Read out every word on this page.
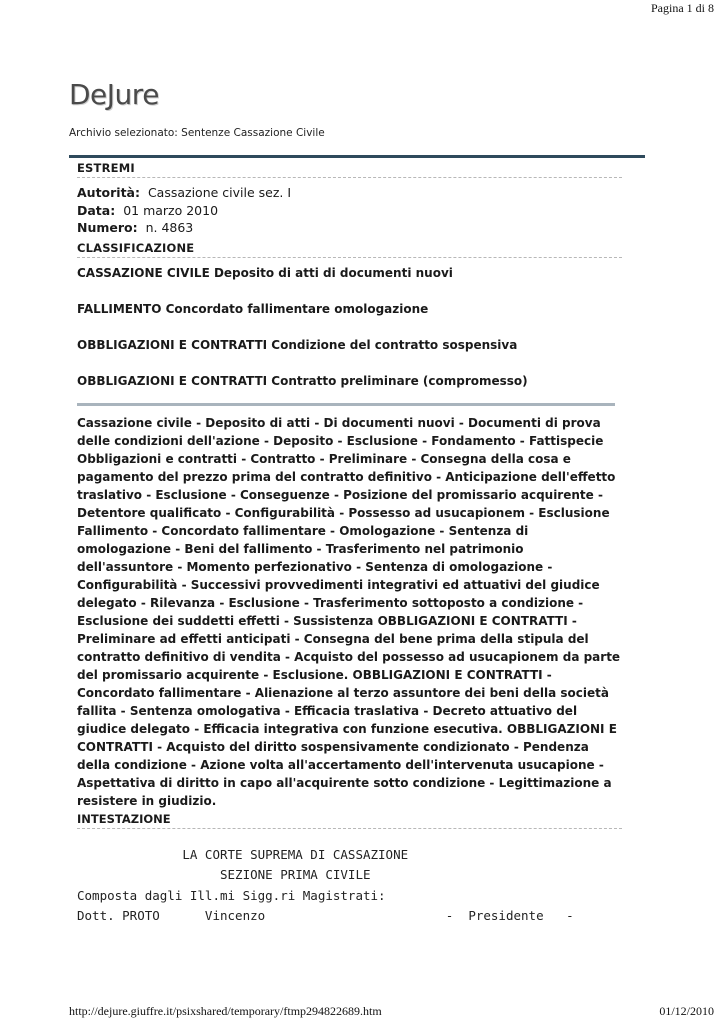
Pagina 1 di 8
DeJure
Archivio selezionato: Sentenze Cassazione Civile
ESTREMI
Autorità: Cassazione civile sez. I
Data: 01 marzo 2010
Numero: n. 4863
CLASSIFICAZIONE

CASSAZIONE CIVILE Deposito di atti di documenti nuovi

FALLIMENTO Concordato fallimentare omologazione

OBBLIGAZIONI E CONTRATTI Condizione del contratto sospensiva

OBBLIGAZIONI E CONTRATTI Contratto preliminare (compromesso)

Cassazione civile - Deposito di atti - Di documenti nuovi - Documenti di prova delle condizioni dell'azione - Deposito - Esclusione - Fondamento - Fattispecie Obbligazioni e contratti - Contratto - Preliminare - Consegna della cosa e pagamento del prezzo prima del contratto definitivo - Anticipazione dell'effetto traslativo - Esclusione - Conseguenze - Posizione del promissario acquirente - Detentore qualificato - Configurabilità - Possesso ad usucapionem - Esclusione Fallimento - Concordato fallimentare - Omologazione - Sentenza di omologazione - Beni del fallimento - Trasferimento nel patrimonio dell'assuntore - Momento perfezionativo - Sentenza di omologazione - Configurabilità - Successivi provvedimenti integrativi ed attuativi del giudice delegato - Rilevanza - Esclusione - Trasferimento sottoposto a condizione - Esclusione dei suddetti effetti - Sussistenza OBBLIGAZIONI E CONTRATTI - Preliminare ad effetti anticipati - Consegna del bene prima della stipula del contratto definitivo di vendita - Acquisto del possesso ad usucapionem da parte del promissario acquirente - Esclusione. OBBLIGAZIONI E CONTRATTI - Concordato fallimentare - Alienazione al terzo assuntore dei beni della società fallita - Sentenza omologativa - Efficacia traslativa - Decreto attuativo del giudice delegato - Efficacia integrativa con funzione esecutiva. OBBLIGAZIONI E CONTRATTI - Acquisto del diritto sospensivamente condizionato - Pendenza della condizione - Azione volta all'accertamento dell'intervenuta usucapione - Aspettativa di diritto in capo all'acquirente sotto condizione - Legittimazione a resistere in giudizio.

INTESTAZIONE

LA CORTE SUPREMA DI CASSAZIONE

SEZIONE PRIMA CIVILE

Composta dagli Ill.mi Sigg.ri Magistrati:

Dott. PROTO      Vincenzo                        -  Presidente   -

http://dejure.giuffre.it/psixshared/temporary/ftmp294822689.htm	01/12/2010
